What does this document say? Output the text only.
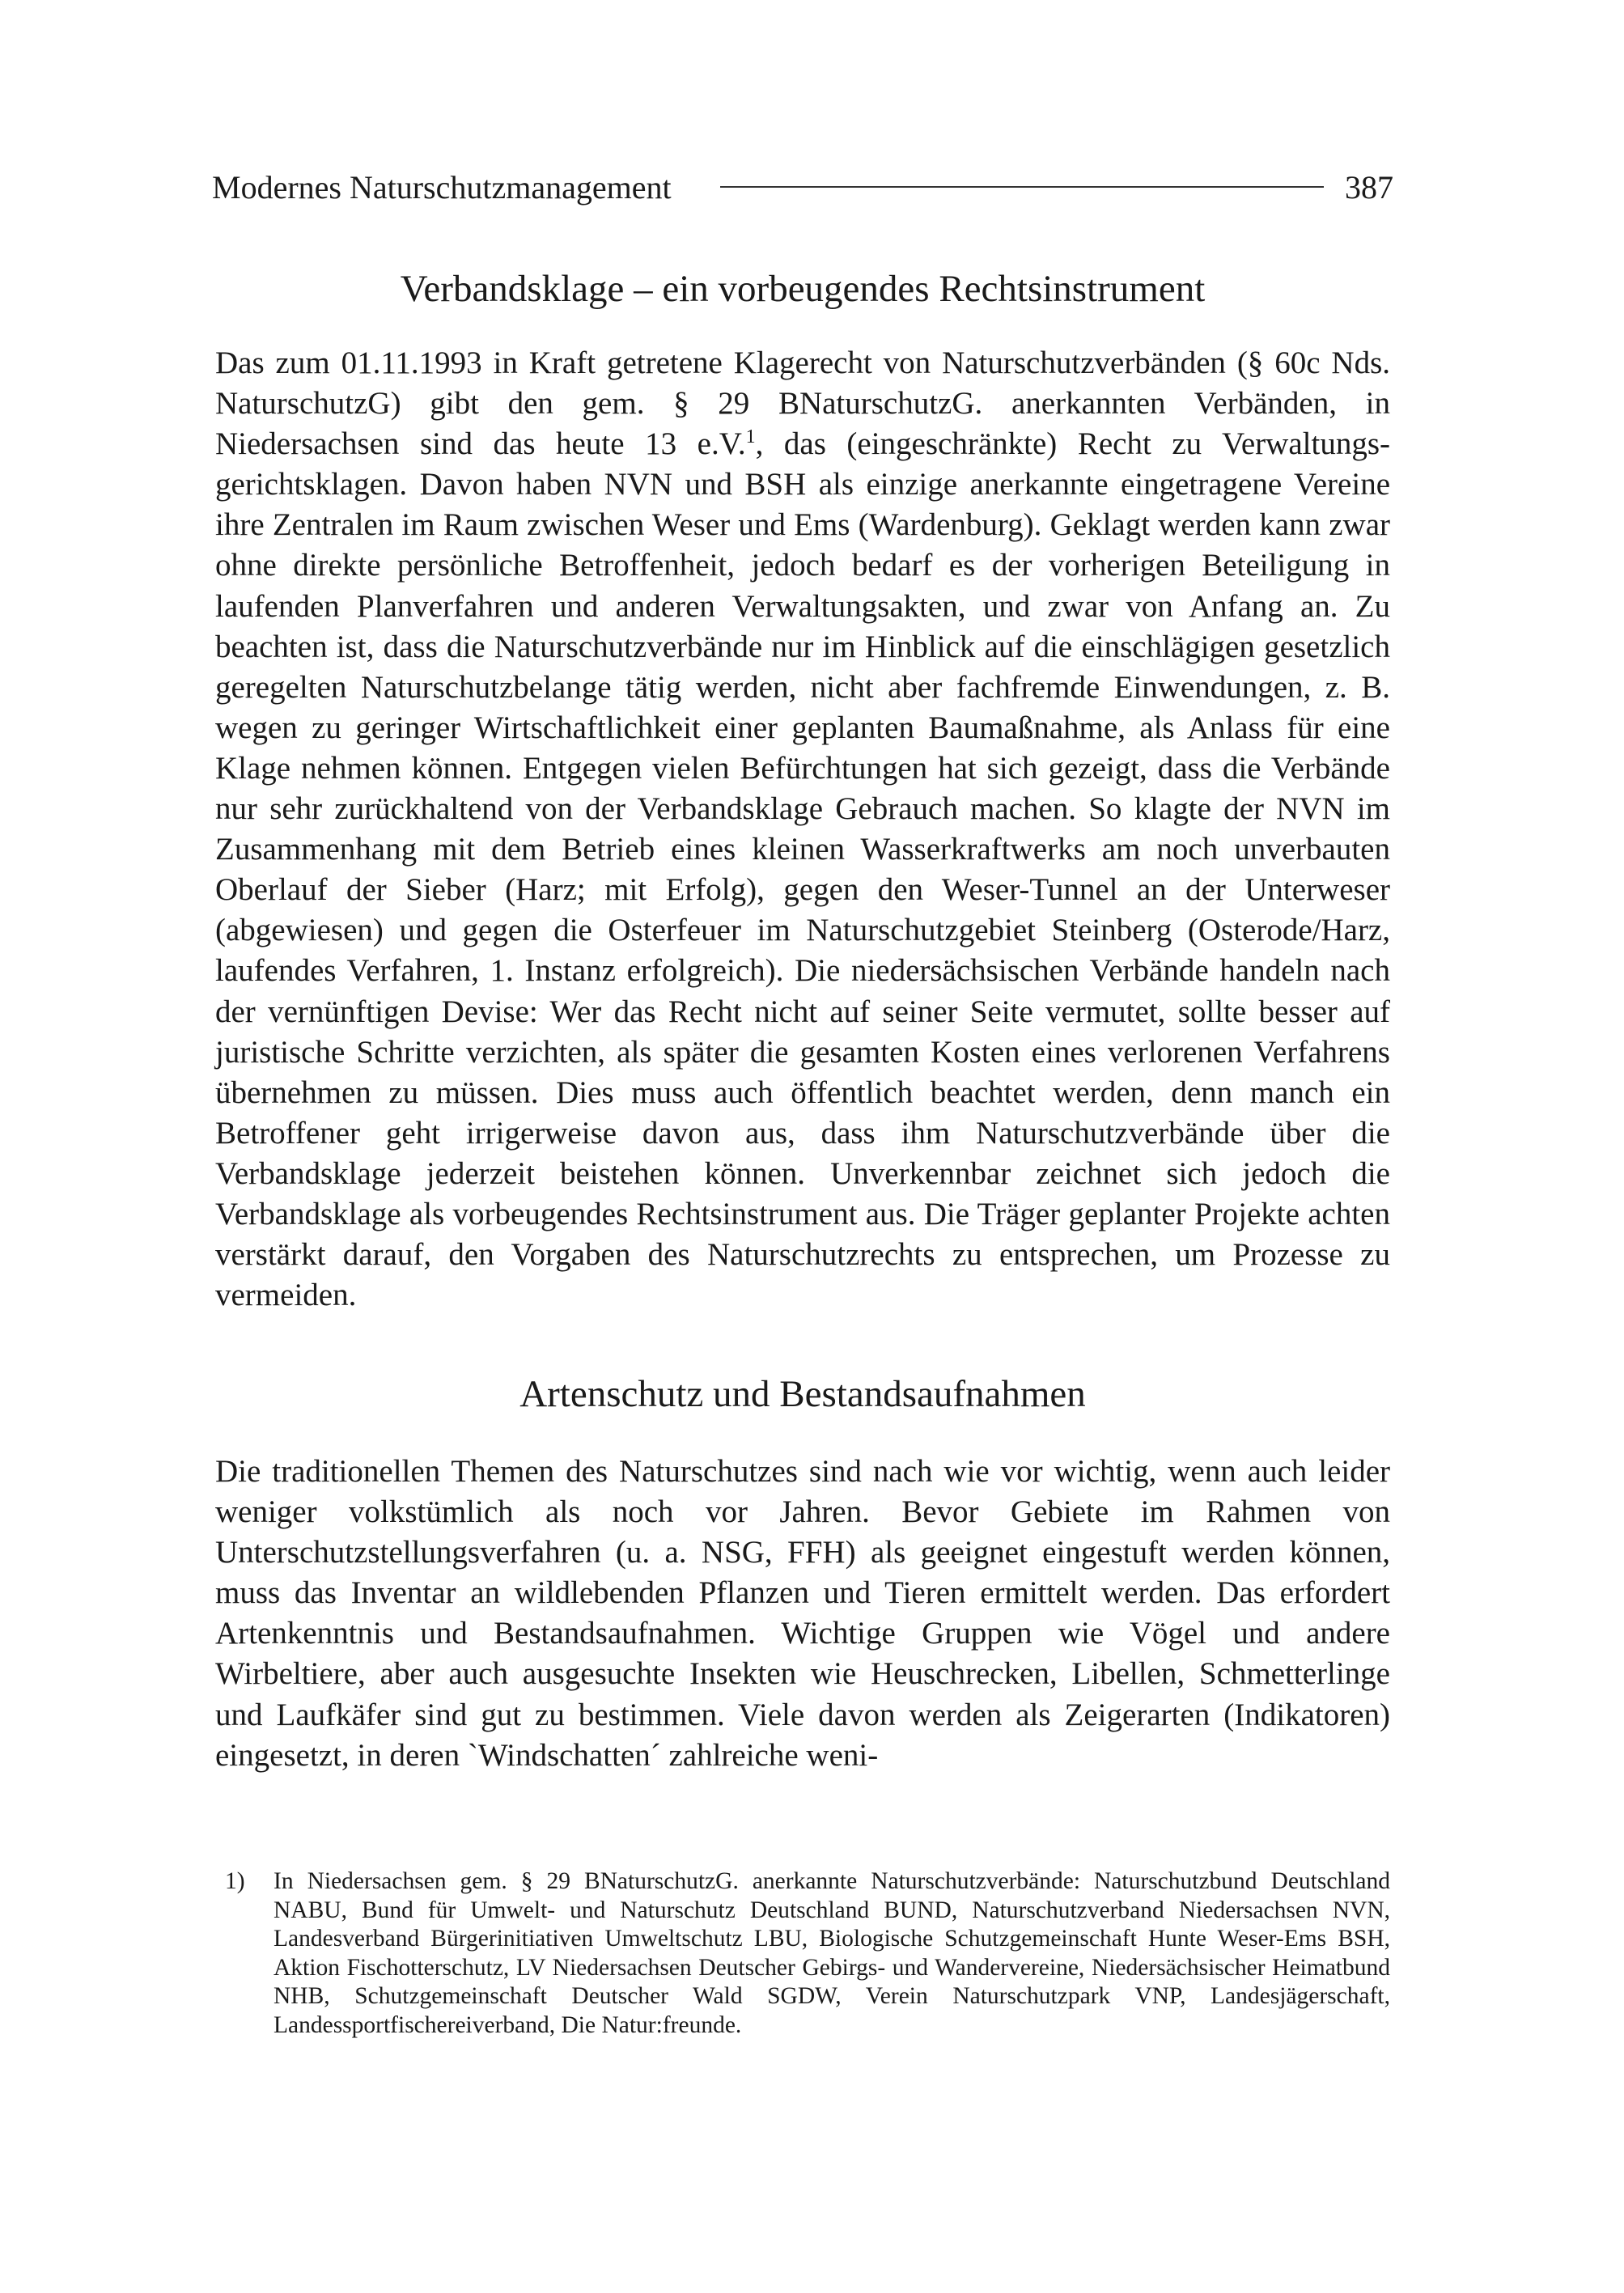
Modernes Naturschutzmanagement	387
Verbandsklage – ein vorbeugendes Rechtsinstrument

Das zum 01.11.1993 in Kraft getretene Klagerecht von Naturschutzverbänden (§ 60c Nds. NaturschutzG) gibt den gem. § 29 BNaturschutzG. anerkannten Verbänden, in Niedersachsen sind das heute 13 e.V.$^1$, das (eingeschränkte) Recht zu Verwaltungsgerichtsklagen. Davon haben NVN und BSH als einzige anerkannte eingetragene Vereine ihre Zentralen im Raum zwischen Weser und Ems (Wardenburg). Geklagt werden kann zwar ohne direkte persönliche Betroffenheit, jedoch bedarf es der vorherigen Beteiligung in laufenden Planverfahren und anderen Verwaltungsakten, und zwar von Anfang an. Zu beachten ist, dass die Naturschutzverbände nur im Hinblick auf die einschlägigen gesetzlich geregelten Naturschutzbelange tätig werden, nicht aber fachfremde Einwendungen, z. B. wegen zu geringer Wirtschaftlichkeit einer geplanten Baumaßnahme, als Anlass für eine Klage nehmen können. Entgegen vielen Befürchtungen hat sich gezeigt, dass die Verbände nur sehr zurückhaltend von der Verbandsklage Gebrauch machen. So klagte der NVN im Zusammenhang mit dem Betrieb eines kleinen Wasserkraftwerks am noch unverbauten Oberlauf der Sieber (Harz; mit Erfolg), gegen den Weser-Tunnel an der Unterweser (abgewiesen) und gegen die Osterfeuer im Naturschutzgebiet Steinberg (Osterode/Harz, laufendes Verfahren, 1. Instanz erfolgreich). Die niedersächsischen Verbände handeln nach der vernünftigen Devise: Wer das Recht nicht auf seiner Seite vermutet, sollte besser auf juristische Schritte verzichten, als später die gesamten Kosten eines verlorenen Verfahrens übernehmen zu müssen. Dies muss auch öffentlich beachtet werden, denn manch ein Betroffener geht irrigerweise davon aus, dass ihm Naturschutzverbände über die Verbandsklage jederzeit beistehen können. Unverkennbar zeichnet sich jedoch die Verbandsklage als vorbeugendes Rechtsinstrument aus. Die Träger geplanter Projekte achten verstärkt darauf, den Vorgaben des Naturschutzrechts zu entsprechen, um Prozesse zu vermeiden.

Artenschutz und Bestandsaufnahmen

Die traditionellen Themen des Naturschutzes sind nach wie vor wichtig, wenn auch leider weniger volkstümlich als noch vor Jahren. Bevor Gebiete im Rahmen von Unterschutzstellungsverfahren (u. a. NSG, FFH) als geeignet eingestuft werden können, muss das Inventar an wildlebenden Pflanzen und Tieren ermittelt werden. Das erfordert Artenkenntnis und Bestandsaufnahmen. Wichtige Gruppen wie Vögel und andere Wirbeltiere, aber auch ausgesuchte Insekten wie Heuschrecken, Libellen, Schmetterlinge und Laufkäfer sind gut zu bestimmen. Viele davon werden als Zeigerarten (Indikatoren) eingesetzt, in deren `Windschatten´ zahlreiche weni-

1)	In Niedersachsen gem. § 29 BNaturschutzG. anerkannte Naturschutzverbände: Naturschutzbund Deutschland NABU, Bund für Umwelt- und Naturschutz Deutschland BUND, Naturschutzverband Niedersachsen NVN, Landesverband Bürgerinitiativen Umweltschutz LBU, Biologische Schutzgemeinschaft Hunte Weser-Ems BSH, Aktion Fischotterschutz, LV Niedersachsen Deutscher Gebirgs- und Wandervereine, Niedersächsischer Heimatbund NHB, Schutzgemeinschaft Deutscher Wald SGDW, Verein Naturschutzpark VNP, Landesjägerschaft, Landessportfischereiverband, Die Natur:freunde.
